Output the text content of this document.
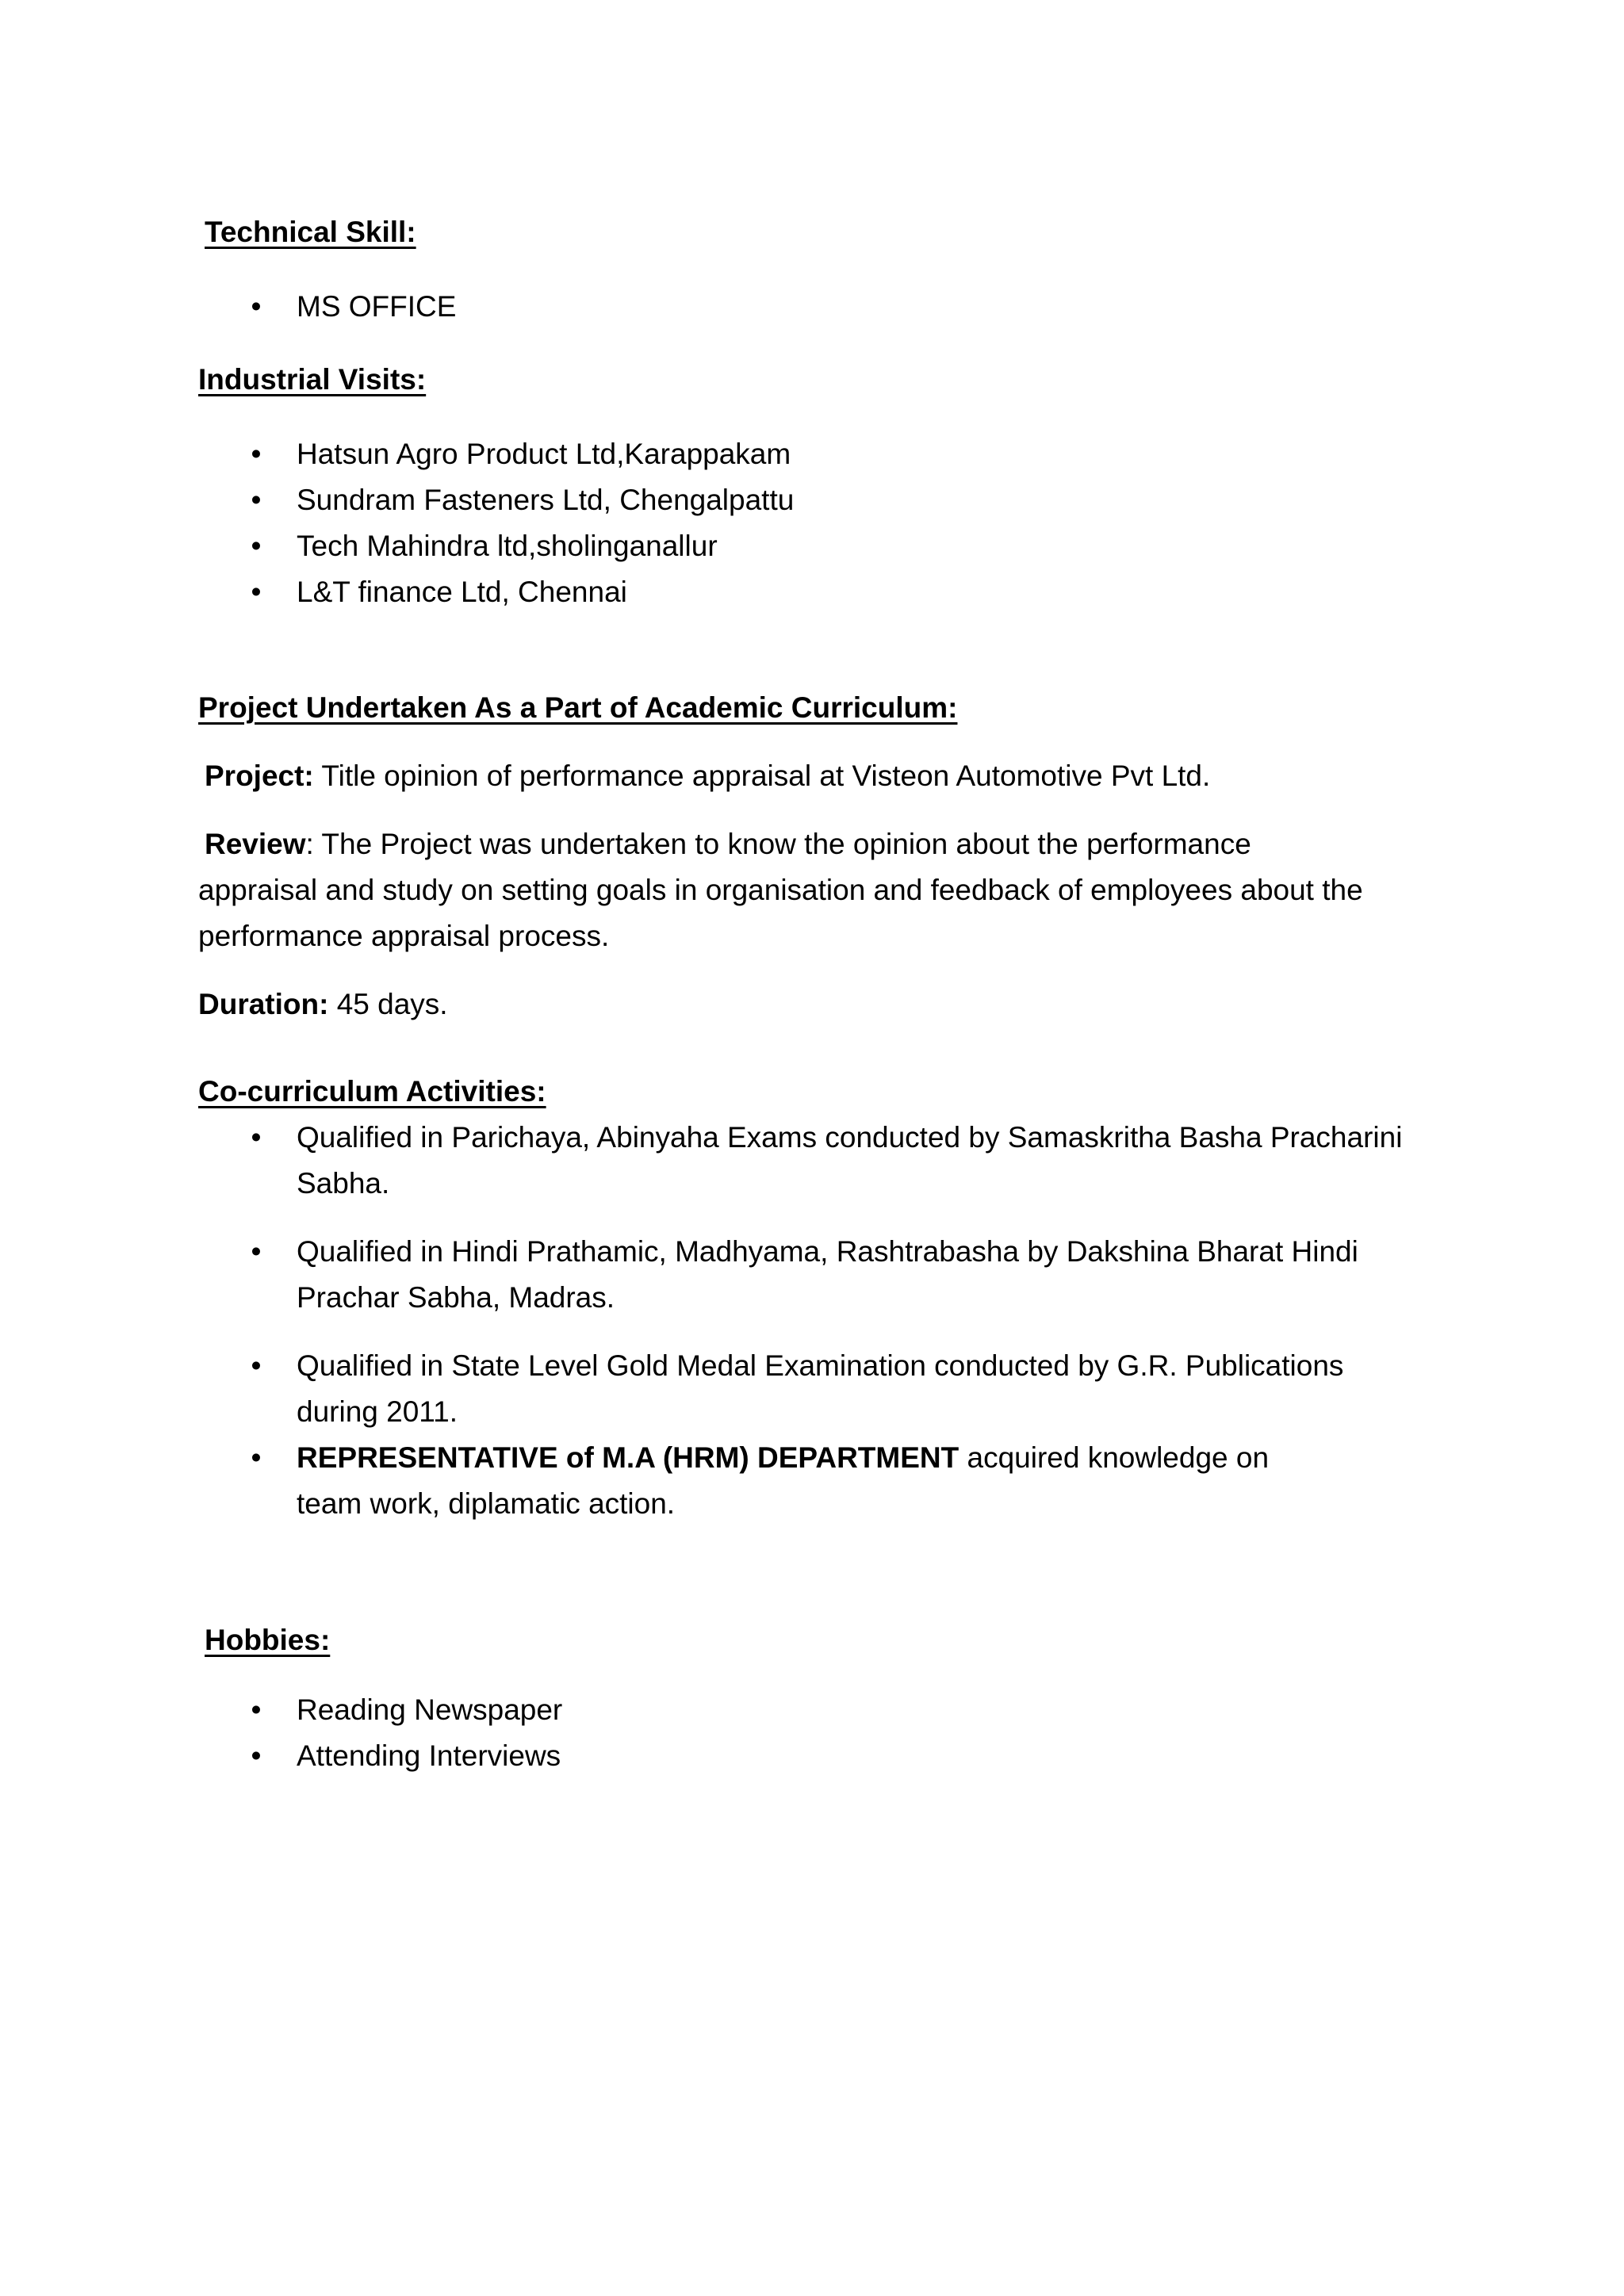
Technical Skill:
• MS OFFICE
Industrial Visits:
• Hatsun Agro Product Ltd,Karappakam
• Sundram Fasteners Ltd, Chengalpattu
• Tech Mahindra ltd,sholinganallur
• L&T finance Ltd, Chennai
Project Undertaken As a Part of Academic Curriculum:
Project: Title opinion of performance appraisal at Visteon Automotive Pvt Ltd.
Review: The Project was undertaken to know the opinion about the performance
appraisal and study on setting goals in organisation and feedback of employees about the
performance appraisal process.
Duration: 45 days.
Co-curriculum Activities:
• Qualified in Parichaya, Abinyaha Exams conducted by Samaskritha Basha Pracharini
Sabha.
• Qualified in Hindi Prathamic, Madhyama, Rashtrabasha by Dakshina Bharat Hindi
Prachar Sabha, Madras.
• Qualified in State Level Gold Medal Examination conducted by G.R. Publications
during 2011.
• REPRESENTATIVE of M.A (HRM) DEPARTMENT acquired knowledge on
team work, diplamatic action.
Hobbies:
• Reading Newspaper
• Attending Interviews
